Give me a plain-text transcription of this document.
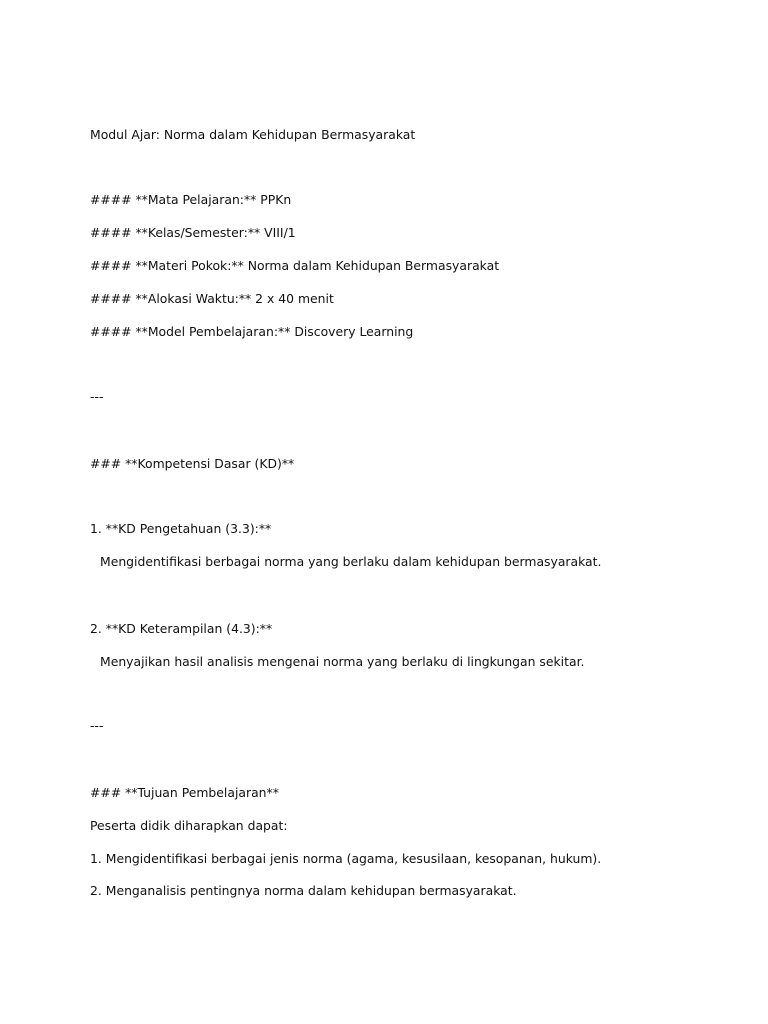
Modul Ajar: Norma dalam Kehidupan Bermasyarakat
#### **Mata Pelajaran:** PPKn
#### **Kelas/Semester:** VIII/1
#### **Materi Pokok:** Norma dalam Kehidupan Bermasyarakat
#### **Alokasi Waktu:** 2 x 40 menit
#### **Model Pembelajaran:** Discovery Learning
---
### **Kompetensi Dasar (KD)**
1. **KD Pengetahuan (3.3):**
Mengidentifikasi berbagai norma yang berlaku dalam kehidupan bermasyarakat.
2. **KD Keterampilan (4.3):**
Menyajikan hasil analisis mengenai norma yang berlaku di lingkungan sekitar.
---
### **Tujuan Pembelajaran**
Peserta didik diharapkan dapat:
1. Mengidentifikasi berbagai jenis norma (agama, kesusilaan, kesopanan, hukum).
2. Menganalisis pentingnya norma dalam kehidupan bermasyarakat.
